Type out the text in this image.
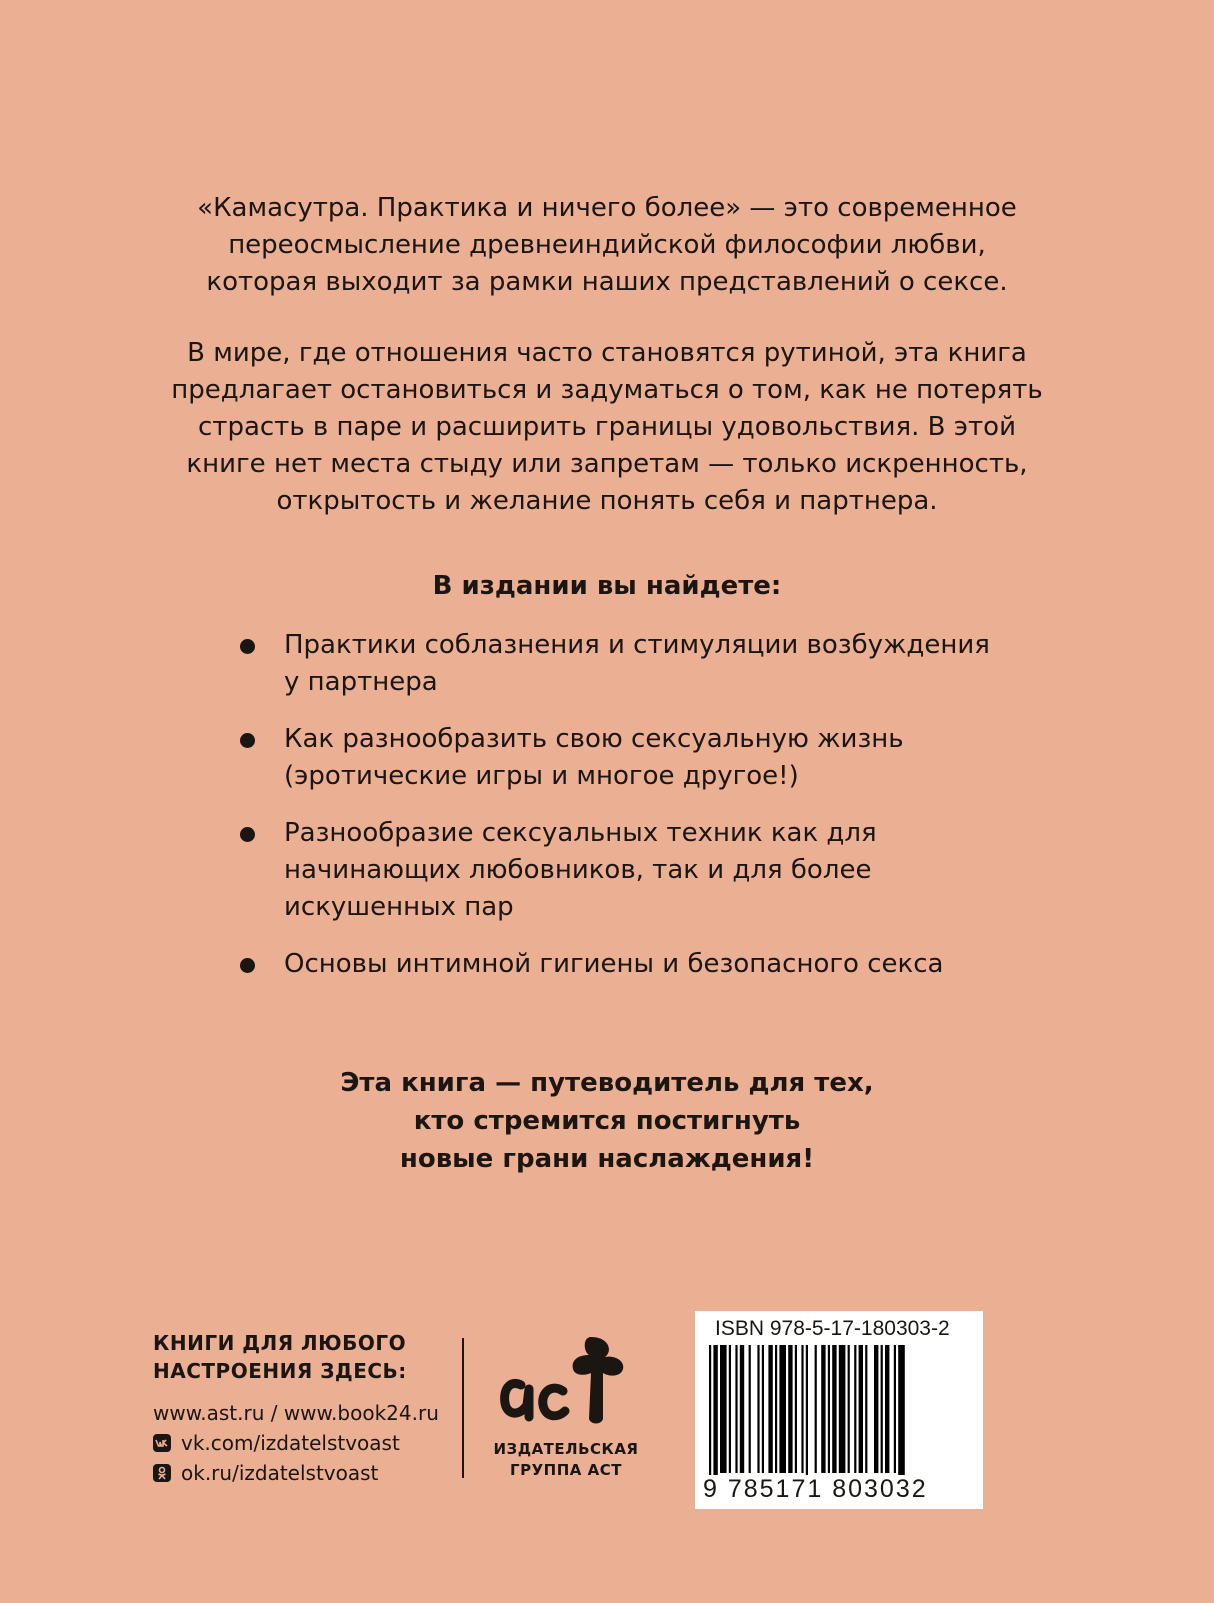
«Камасутра. Практика и ничего более» — это современное переосмысление древнеиндийской философии любви, которая выходит за рамки наших представлений о сексе.

В мире, где отношения часто становятся рутиной, эта книга предлагает остановиться и задуматься о том, как не потерять страсть в паре и расширить границы удовольствия. В этой книге нет места стыду или запретам — только искренность, открытость и желание понять себя и партнера.

В издании вы найдете:
Практики соблазнения и стимуляции возбуждения у партнера
Как разнообразить свою сексуальную жизнь (эротические игры и многое другое!)
Разнообразие сексуальных техник как для начинающих любовников, так и для более искушенных пар
Основы интимной гигиены и безопасного секса
Эта книга — путеводитель для тех,
кто стремится постигнуть
новые грани наслаждения!
КНИГИ ДЛЯ ЛЮБОГО
НАСТРОЕНИЯ ЗДЕСЬ:
www.ast.ru / www.book24.ru
vk.com/izdatelstvoast
ok.ru/izdatelstvoast
ИЗДАТЕЛЬСКАЯ
ГРУППА АСТ
ISBN 978-5-17-180303-2
9 785171 803032
